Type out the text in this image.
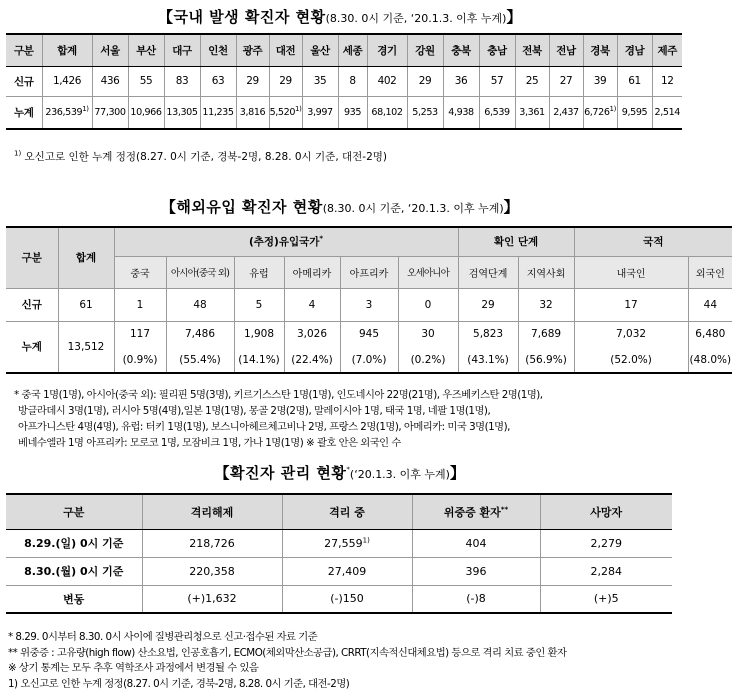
【국내 발생 확진자 현황(8.30. 0시 기준, ‘20.1.3. 이후 누계)】
구분	합계	서울	부산	대구	인천	광주	대전	울산	세종	경기	강원	충북	충남	전북	전남	경북	경남	제주
신규	1,426	436	55	83	63	29	29	35	8	402	29	36	57	25	27	39	61	12
누계	236,539$^{1)}$	77,300	10,966	13,305	11,235	3,816	5,520$^{1)}$	3,997	935	68,102	5,253	4,938	6,539	3,361	2,437	6,726$^{1)}$	9,595	2,514
$^{1)}$ 오신고로 인한 누계 정정(8.27. 0시 기준, 경북-2명, 8.28. 0시 기준, 대전-2명)
【해외유입 확진자 현황(8.30. 0시 기준, ‘20.1.3. 이후 누계)】
구분	합계	(추정)유입국가*						확인 단계		국적	
		중국	아시아(중국 외)	유럽	아메리카	아프리카	오세아니아	검역단계	지역사회	내국인	외국인
신규	61	1	48	5	4	3	0	29	32	17	44
누계	13,512	117	7,486	1,908	3,026	945	30	5,823	7,689	7,032	6,480
		(0.9%)	(55.4%)	(14.1%)	(22.4%)	(7.0%)	(0.2%)	(43.1%)	(56.9%)	(52.0%)	(48.0%)
* 중국 1명(1명), 아시아(중국 외): 필리핀 5명(3명), 키르기스스탄 1명(1명), 인도네시아 22명(21명), 우즈베키스탄 2명(1명),
방글라데시 3명(1명), 러시아 5명(4명),일본 1명(1명), 몽골 2명(2명), 말레이시아 1명, 태국 1명, 네팔 1명(1명),
아프가니스탄 4명(4명), 유럽: 터키 1명(1명), 보스니아헤르체고비나 2명, 프랑스 2명(1명), 아메리카: 미국 3명(1명),
베네수엘라 1명 아프리카: 모로코 1명, 모잠비크 1명, 가나 1명(1명) ※ 괄호 안은 외국인 수
【확진자 관리 현황*(‘20.1.3. 이후 누계)】
구분	격리해제	격리 중	위중증 환자**	사망자
8.29.(일) 0시 기준	218,726	27,559$^{1)}$	404	2,279
8.30.(월) 0시 기준	220,358	27,409	396	2,284
변동	(+)1,632	(-)150	(-)8	(+)5
* 8.29. 0시부터 8.30. 0시 사이에 질병관리청으로 신고·접수된 자료 기준
** 위중증 : 고유량(high flow) 산소요법, 인공호흡기, ECMO(체외막산소공급), CRRT(지속적신대체요법) 등으로 격리 치료 중인 환자
※ 상기 통계는 모두 추후 역학조사 과정에서 변경될 수 있음
1) 오신고로 인한 누계 정정(8.27. 0시 기준, 경북-2명, 8.28. 0시 기준, 대전-2명)
